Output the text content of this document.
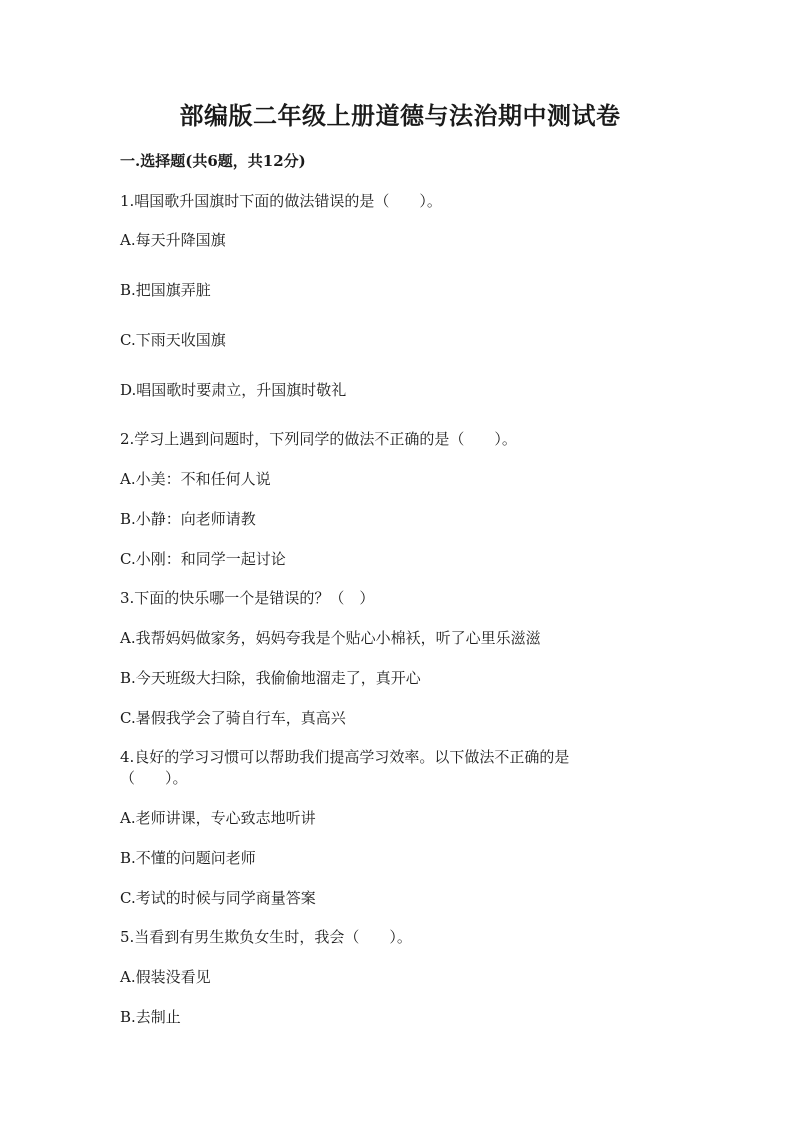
部编版二年级上册道德与法治期中测试卷
一.选择题(共6题，共12分)
1.唱国歌升国旗时下面的做法错误的是（　　）。
A.每天升降国旗
B.把国旗弄脏
C.下雨天收国旗
D.唱国歌时要肃立，升国旗时敬礼
2.学习上遇到问题时，下列同学的做法不正确的是（　　）。
A.小美：不和任何人说
B.小静：向老师请教
C.小刚：和同学一起讨论
3.下面的快乐哪一个是错误的？（　）
A.我帮妈妈做家务，妈妈夸我是个贴心小棉袄，听了心里乐滋滋
B.今天班级大扫除，我偷偷地溜走了，真开心
C.暑假我学会了骑自行车，真高兴
4.良好的学习习惯可以帮助我们提高学习效率。以下做法不正确的是
（　　）。
A.老师讲课，专心致志地听讲
B.不懂的问题问老师
C.考试的时候与同学商量答案
5.当看到有男生欺负女生时，我会（　　）。
A.假装没看见
B.去制止
